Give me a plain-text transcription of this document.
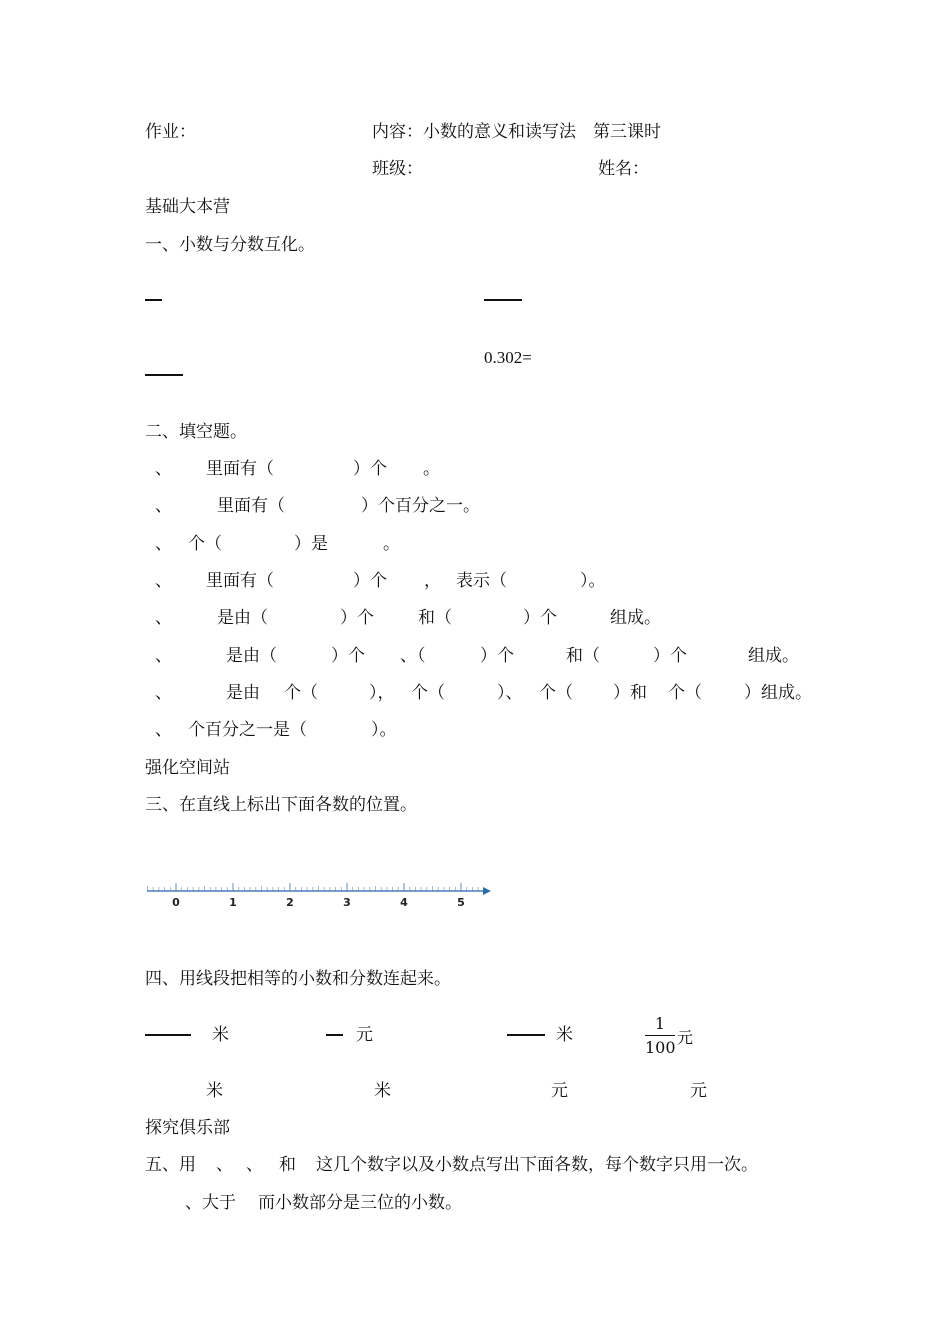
作业：	内容：小数的意义和读写法　第三课时
班级：	姓名：
基础大本营
一、小数与分数互化。
0.302=
二、填空题。
、 里面有（	）个 。
、	里面有（	）个百分之一。
、 个（	）是	。
、 里面有（	）个 ， 表示（	）。
、	是由（	）个	和（	）个	组成。
、	是由（	）个 、（	）个	和（	）个	组成。
、	是由 个（	）， 个（	）、 个（ ）和 个（ ）组成。
、 个百分之一是（	）。
强化空间站
三、在直线上标出下面各数的位置。
0	1	2	3	4	5
四、用线段把相等的小数和分数连起来。
米	元	米
1
100
元
米	米	元	元
探究俱乐部
五、用 、 、 和 这几个数字以及小数点写出下面各数，每个数字只用一次。
、大于 而小数部分是三位的小数。
